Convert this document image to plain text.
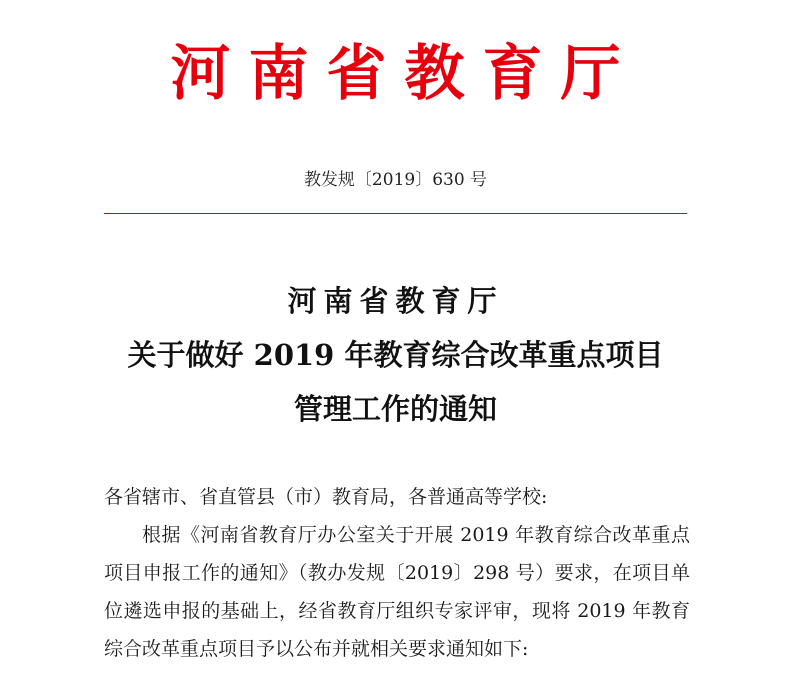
河南省教育厅
教发规〔2019〕630 号
河南省教育厅
关于做好 2019 年教育综合改革重点项目
管理工作的通知

各省辖市、省直管县（市）教育局，各普通高等学校:

根据《河南省教育厅办公室关于开展 2019 年教育综合改革重点项目申报工作的通知》（教办发规〔2019〕298 号）要求，在项目单位遴选申报的基础上，经省教育厅组织专家评审，现将 2019 年教育综合改革重点项目予以公布并就相关要求通知如下:
